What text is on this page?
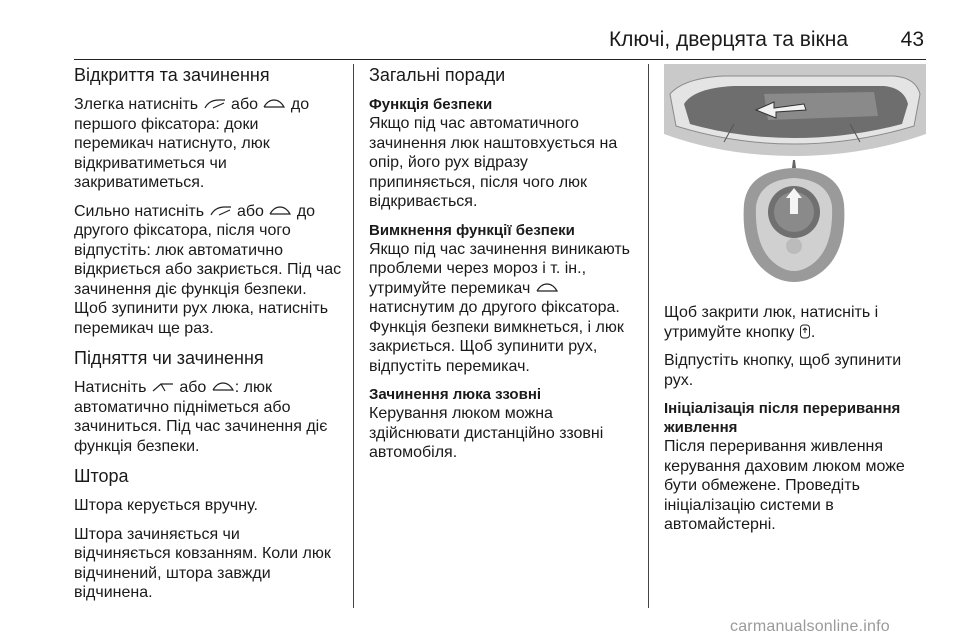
Ключі, дверцята та вікна	43
Відкриття та зачинення

Злегка натисніть або до
першого фіксатора: доки
перемикач натиснуто, люк
відкриватиметься чи
закриватиметься.

Сильно натисніть або до
другого фіксатора, після чого
відпустіть: люк автоматично
відкриється або закриється. Під час
зачинення діє функція безпеки.
Щоб зупинити рух люка, натисніть
перемикач ще раз.

Підняття чи зачинення

Натисніть або : люк
автоматично підніметься або
зачиниться. Під час зачинення діє
функція безпеки.

Штора

Штора керується вручну.

Штора зачиняється чи
відчиняється ковзанням. Коли люк
відчинений, штора завжди
відчинена.

Загальні поради
Функція безпеки

Якщо під час автоматичного
зачинення люк наштовхується на
опір, його рух відразу
припиняється, після чого люк
відкривається.

Вимкнення функції безпеки

Якщо під час зачинення виникають
проблеми через мороз і т. ін.,
утримуйте перемикач
натиснутим до другого фіксатора.
Функція безпеки вимкнеться, і люк
закриється. Щоб зупинити рух,
відпустіть перемикач.

Зачинення люка ззовні

Керування люком можна
здійснювати дистанційно ззовні
автомобіля.

Щоб закрити люк, натисніть і
утримуйте кнопку .

Відпустіть кнопку, щоб зупинити
рух.

Ініціалізація після переривання
живлення

Після переривання живлення
керування даховим люком може
бути обмежене. Проведіть
ініціалізацію системи в
автомайстерні.

carmanualsonline.info
